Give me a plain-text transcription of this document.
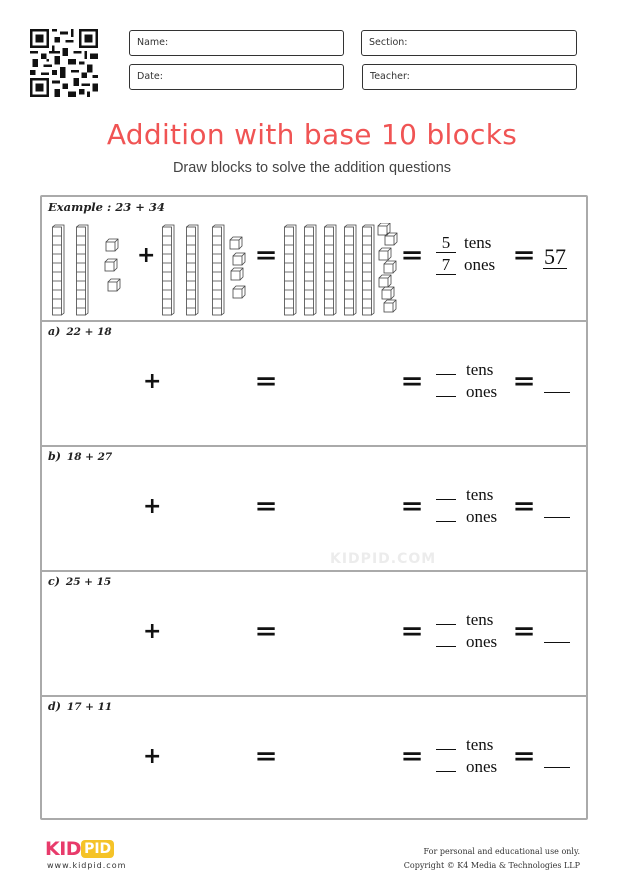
Name:	Section:
Date:	Teacher:
Addition with base 10 blocks
Draw blocks to solve the addition questions
KIDPID.COM
Example : 23 + 34
+	=	=	5 tens
7 ones = 57
a) 22 + 18
+	=	=	tens
ones =
b) 18 + 27
+	=	=	tens
ones =
c) 25 + 15
+	=	=	tens
ones =
d) 17 + 11
+	=	=	tens
ones =
KID PID
www.kidpid.com
For personal and educational use only.
Copyright © K4 Media & Technologies LLP
